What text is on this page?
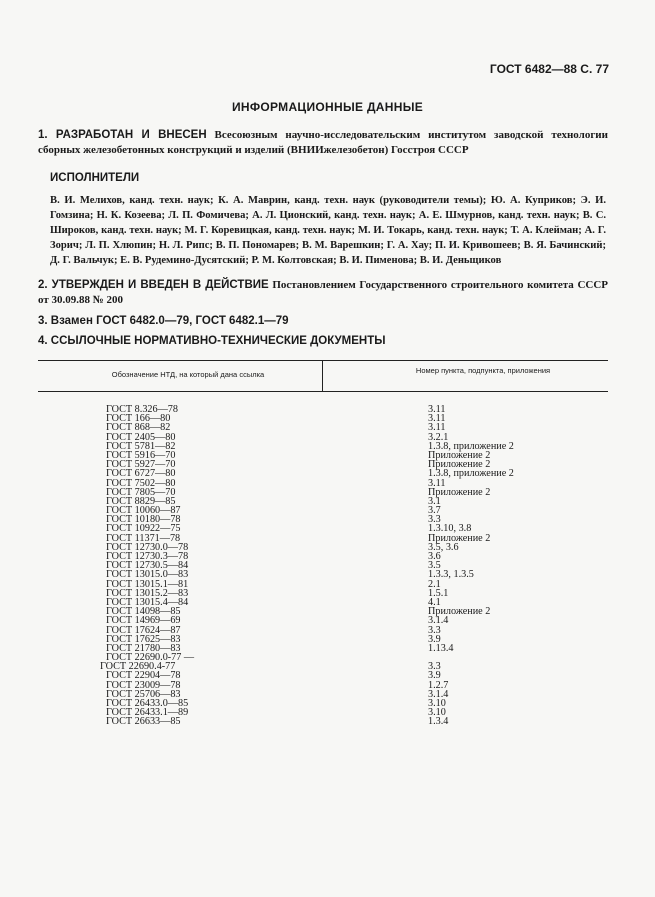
ГОСТ 6482—88 С. 77
ИНФОРМАЦИОННЫЕ ДАННЫЕ
1. РАЗРАБОТАН И ВНЕСЕН Всесоюзным научно-исследовательским институтом заводской технологии сборных железобетонных конструкций и изделий (ВНИИжелезобетон) Госстроя СССР
ИСПОЛНИТЕЛИ
В. И. Мелихов, канд. техн. наук; К. А. Маврин, канд. техн. наук (руководители темы); Ю. А. Куприков; Э. И. Гомзина; Н. К. Козеева; Л. П. Фомичева; А. Л. Ционский, канд. техн. наук; А. Е. Шмурнов, канд. техн. наук; В. С. Широков, канд. техн. наук; М. Г. Коревицкая, канд. техн. наук; М. И. Токарь, канд. техн. наук; Т. А. Клейман; А. Г. Зорич; Л. П. Хлюпин; Н. Л. Рипс; В. П. Пономарев; В. М. Варешкин; Г. А. Хау; П. И. Кривошеев; В. Я. Бачинский; Д. Г. Вальчук; Е. В. Рудемино-Дусятский; Р. М. Колтовская; В. И. Пименова; В. И. Деньщиков
2. УТВЕРЖДЕН И ВВЕДЕН В ДЕЙСТВИЕ Постановлением Государственного строительного комитета СССР от 30.09.88 № 200
3. Взамен ГОСТ 6482.0—79, ГОСТ 6482.1—79
4. ССЫЛОЧНЫЕ НОРМАТИВНО-ТЕХНИЧЕСКИЕ ДОКУМЕНТЫ
Обозначение НТД, на который дана ссылка	Номер пункта, подпункта, приложения
ГОСТ 8.326—78	3.11
ГОСТ 166—80	3.11
ГОСТ 868—82	3.11
ГОСТ 2405—80	3.2.1
ГОСТ 5781—82	1.3.8, приложение 2
ГОСТ 5916—70	Приложение 2
ГОСТ 5927—70	Приложение 2
ГОСТ 6727—80	1.3.8, приложение 2
ГОСТ 7502—80	3.11
ГОСТ 7805—70	Приложение 2
ГОСТ 8829—85	3.1
ГОСТ 10060—87	3.7
ГОСТ 10180—78	3.3
ГОСТ 10922—75	1.3.10, 3.8
ГОСТ 11371—78	Приложение 2
ГОСТ 12730.0—78	3.5, 3.6
ГОСТ 12730.3—78	3.6
ГОСТ 12730.5—84	3.5
ГОСТ 13015.0—83	1.3.3, 1.3.5
ГОСТ 13015.1—81	2.1
ГОСТ 13015.2—83	1.5.1
ГОСТ 13015.4—84	4.1
ГОСТ 14098—85	Приложение 2
ГОСТ 14969—69	3.1.4
ГОСТ 17624—87	3.3
ГОСТ 17625—83	3.9
ГОСТ 21780—83	1.13.4
ГОСТ 22690.0-77 —
ГОСТ 22690.4-77	3.3
ГОСТ 22904—78	3.9
ГОСТ 23009—78	1.2.7
ГОСТ 25706—83	3.1.4
ГОСТ 26433.0—85	3.10
ГОСТ 26433.1—89	3.10
ГОСТ 26633—85	1.3.4
